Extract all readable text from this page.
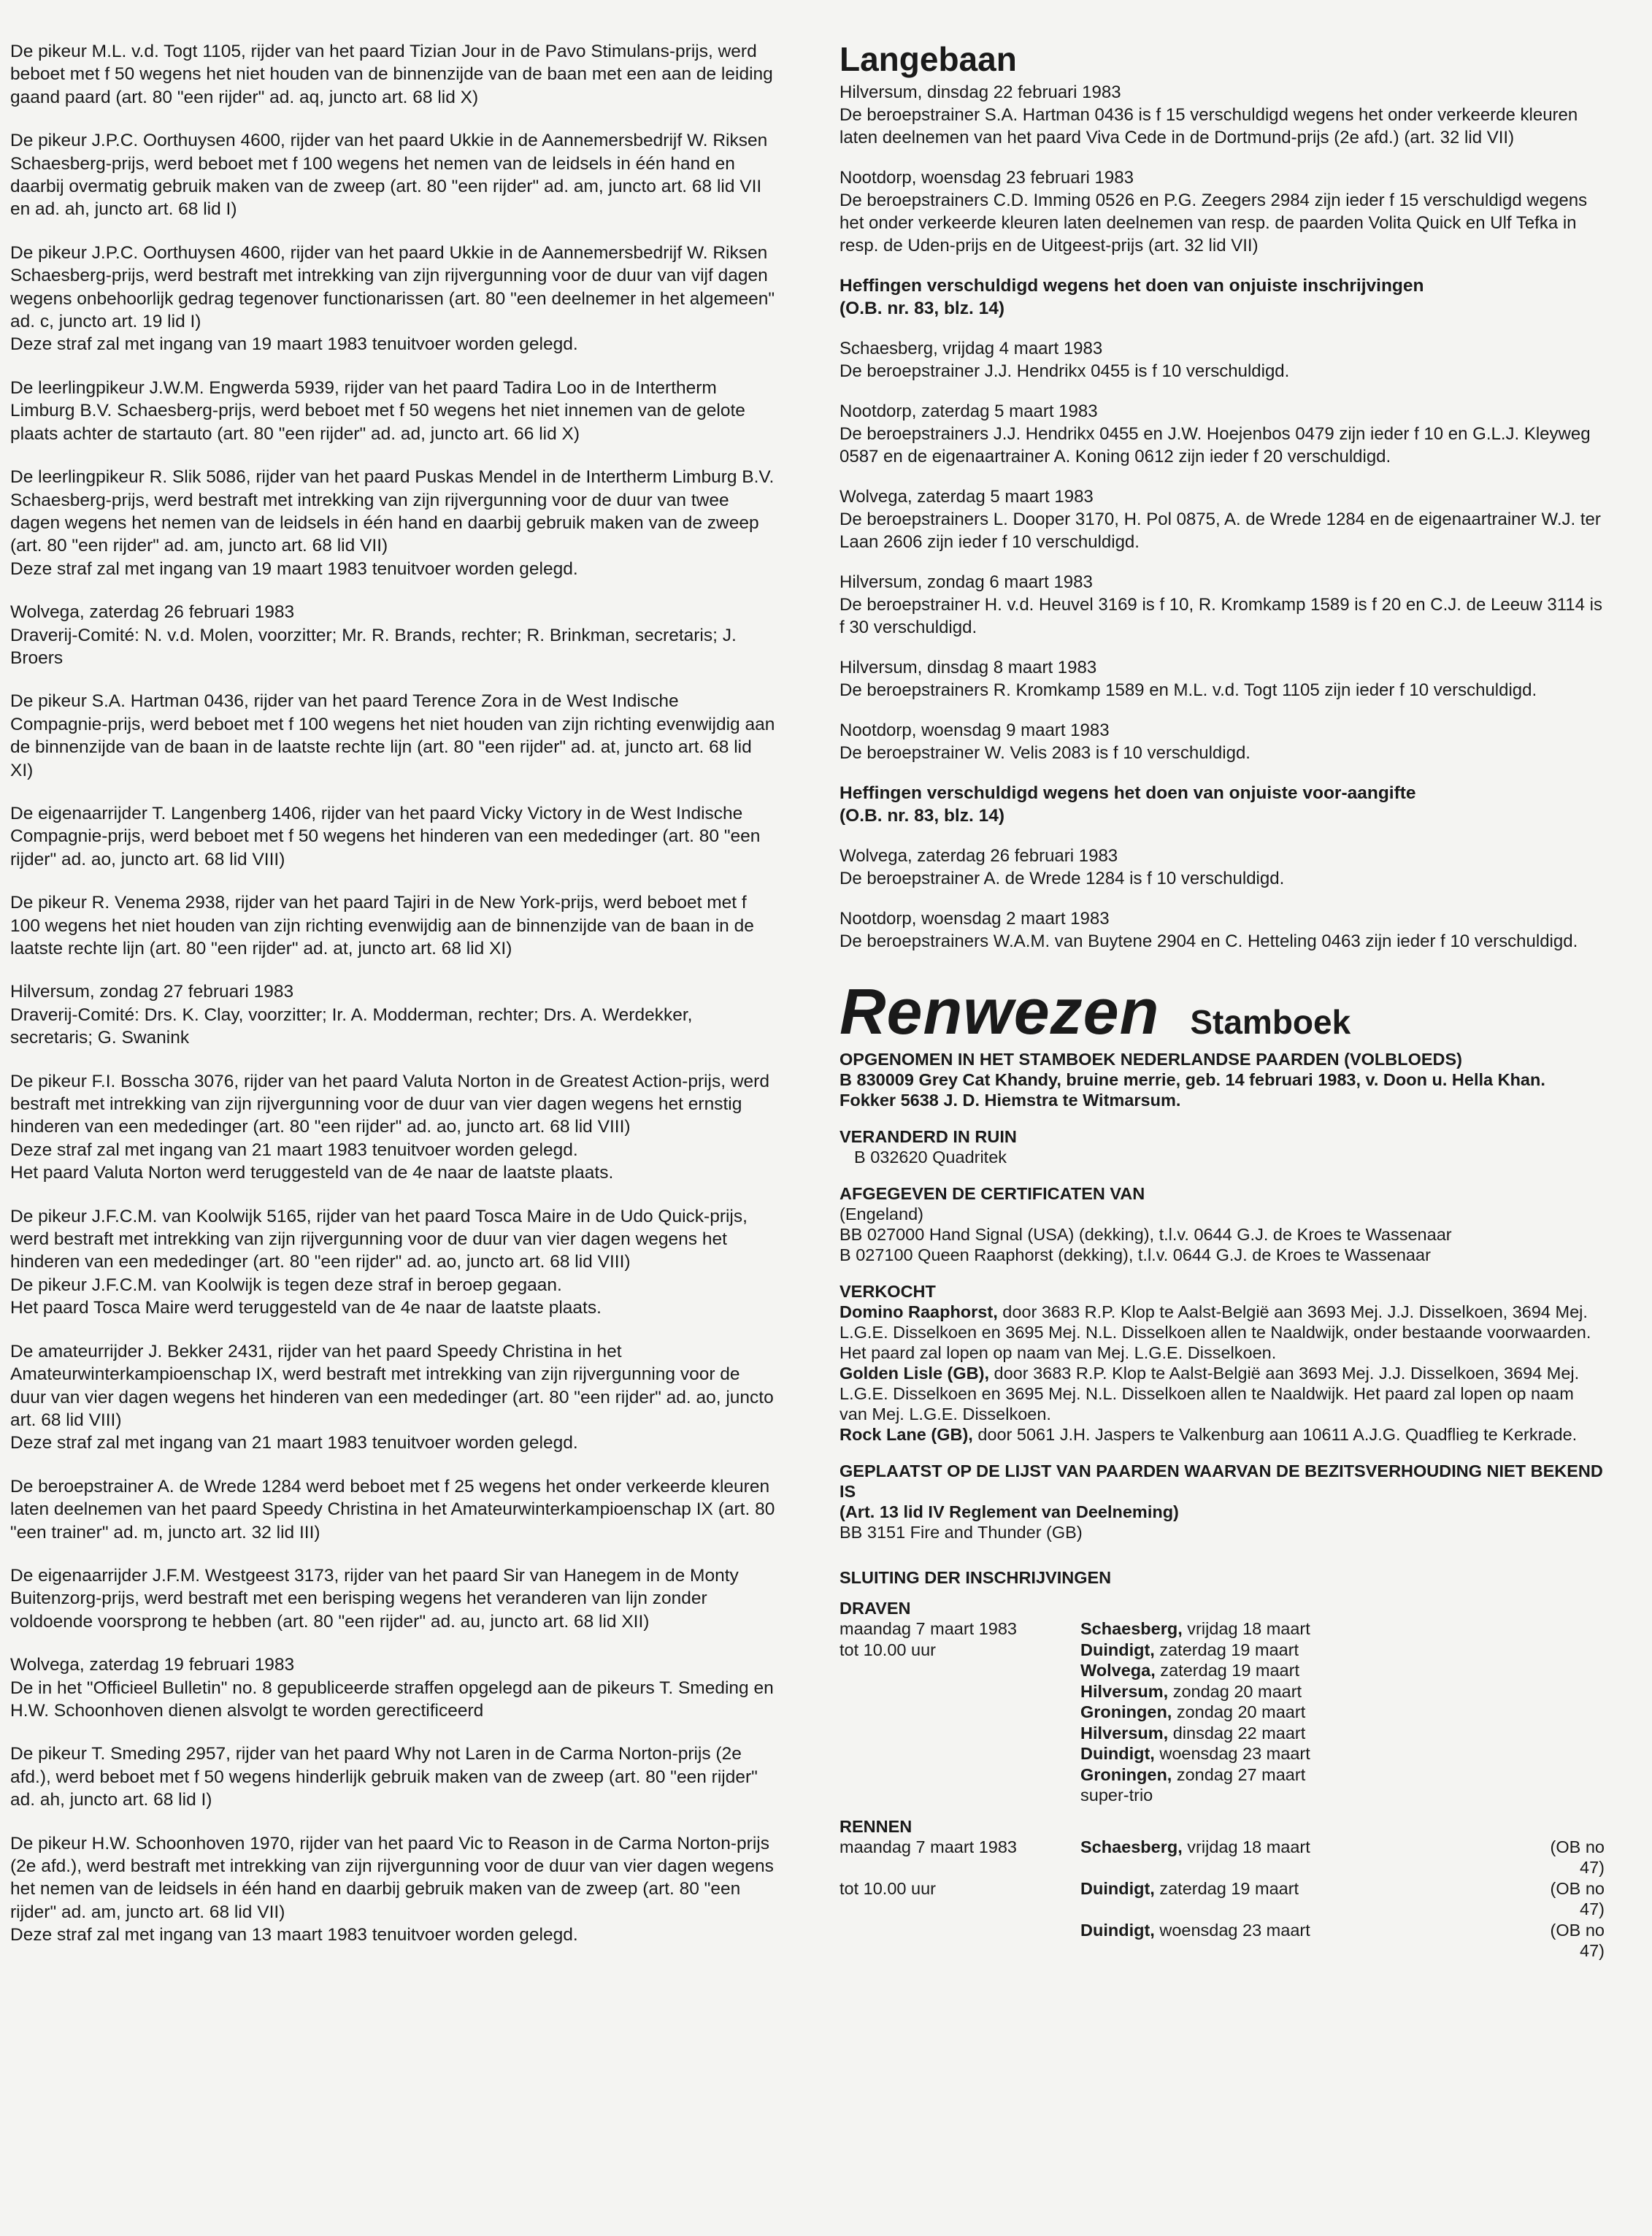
De pikeur M.L. v.d. Togt 1105, rijder van het paard Tizian Jour in de Pavo Stimulans-prijs, werd beboet met f 50 wegens het niet houden van de binnenzijde van de baan met een aan de leiding gaand paard (art. 80 "een rijder" ad. aq, juncto art. 68 lid X)
De pikeur J.P.C. Oorthuysen 4600, rijder van het paard Ukkie in de Aannemersbedrijf W. Riksen Schaesberg-prijs, werd beboet met f 100 wegens het nemen van de leidsels in één hand en daarbij overmatig gebruik maken van de zweep (art. 80 "een rijder" ad. am, juncto art. 68 lid VII en ad. ah, juncto art. 68 lid I)
De pikeur J.P.C. Oorthuysen 4600, rijder van het paard Ukkie in de Aannemersbedrijf W. Riksen Schaesberg-prijs, werd bestraft met intrekking van zijn rijvergunning voor de duur van vijf dagen wegens onbehoorlijk gedrag tegenover functionarissen (art. 80 "een deelnemer in het algemeen" ad. c, juncto art. 19 lid I)
Deze straf zal met ingang van 19 maart 1983 tenuitvoer worden gelegd.
De leerlingpikeur J.W.M. Engwerda 5939, rijder van het paard Tadira Loo in de Intertherm Limburg B.V. Schaesberg-prijs, werd beboet met f 50 wegens het niet innemen van de gelote plaats achter de startauto (art. 80 "een rijder" ad. ad, juncto art. 66 lid X)
De leerlingpikeur R. Slik 5086, rijder van het paard Puskas Mendel in de Intertherm Limburg B.V. Schaesberg-prijs, werd bestraft met intrekking van zijn rijvergunning voor de duur van twee dagen wegens het nemen van de leidsels in één hand en daarbij gebruik maken van de zweep (art. 80 "een rijder" ad. am, juncto art. 68 lid VII)
Deze straf zal met ingang van 19 maart 1983 tenuitvoer worden gelegd.
Wolvega, zaterdag 26 februari 1983
Draverij-Comité: N. v.d. Molen, voorzitter; Mr. R. Brands, rechter; R. Brinkman, secretaris; J. Broers
De pikeur S.A. Hartman 0436, rijder van het paard Terence Zora in de West Indische Compagnie-prijs, werd beboet met f 100 wegens het niet houden van zijn richting evenwijdig aan de binnenzijde van de baan in de laatste rechte lijn (art. 80 "een rijder" ad. at, juncto art. 68 lid XI)
De eigenaarrijder T. Langenberg 1406, rijder van het paard Vicky Victory in de West Indische Compagnie-prijs, werd beboet met f 50 wegens het hinderen van een mededinger (art. 80 "een rijder" ad. ao, juncto art. 68 lid VIII)
De pikeur R. Venema 2938, rijder van het paard Tajiri in de New York-prijs, werd beboet met f 100 wegens het niet houden van zijn richting evenwijdig aan de binnenzijde van de baan in de laatste rechte lijn (art. 80 "een rijder" ad. at, juncto art. 68 lid XI)
Hilversum, zondag 27 februari 1983
Draverij-Comité: Drs. K. Clay, voorzitter; Ir. A. Modderman, rechter; Drs. A. Werdekker, secretaris; G. Swanink
De pikeur F.I. Bosscha 3076, rijder van het paard Valuta Norton in de Greatest Action-prijs, werd bestraft met intrekking van zijn rijvergunning voor de duur van vier dagen wegens het ernstig hinderen van een mededinger (art. 80 "een rijder" ad. ao, juncto art. 68 lid VIII)
Deze straf zal met ingang van 21 maart 1983 tenuitvoer worden gelegd.
Het paard Valuta Norton werd teruggesteld van de 4e naar de laatste plaats.
De pikeur J.F.C.M. van Koolwijk 5165, rijder van het paard Tosca Maire in de Udo Quick-prijs, werd bestraft met intrekking van zijn rijvergunning voor de duur van vier dagen wegens het hinderen van een mededinger (art. 80 "een rijder" ad. ao, juncto art. 68 lid VIII)
De pikeur J.F.C.M. van Koolwijk is tegen deze straf in beroep gegaan.
Het paard Tosca Maire werd teruggesteld van de 4e naar de laatste plaats.
De amateurrijder J. Bekker 2431, rijder van het paard Speedy Christina in het Amateurwinterkampioenschap IX, werd bestraft met intrekking van zijn rijvergunning voor de duur van vier dagen wegens het hinderen van een mededinger (art. 80 "een rijder" ad. ao, juncto art. 68 lid VIII)
Deze straf zal met ingang van 21 maart 1983 tenuitvoer worden gelegd.
De beroepstrainer A. de Wrede 1284 werd beboet met f 25 wegens het onder verkeerde kleuren laten deelnemen van het paard Speedy Christina in het Amateurwinterkampioenschap IX (art. 80 "een trainer" ad. m, juncto art. 32 lid III)
De eigenaarrijder J.F.M. Westgeest 3173, rijder van het paard Sir van Hanegem in de Monty Buitenzorg-prijs, werd bestraft met een berisping wegens het veranderen van lijn zonder voldoende voorsprong te hebben (art. 80 "een rijder" ad. au, juncto art. 68 lid XII)
Wolvega, zaterdag 19 februari 1983
De in het "Officieel Bulletin" no. 8 gepubliceerde straffen opgelegd aan de pikeurs T. Smeding en H.W. Schoonhoven dienen alsvolgt te worden gerectificeerd
De pikeur T. Smeding 2957, rijder van het paard Why not Laren in de Carma Norton-prijs (2e afd.), werd beboet met f 50 wegens hinderlijk gebruik maken van de zweep (art. 80 "een rijder" ad. ah, juncto art. 68 lid I)
De pikeur H.W. Schoonhoven 1970, rijder van het paard Vic to Reason in de Carma Norton-prijs (2e afd.), werd bestraft met intrekking van zijn rijvergunning voor de duur van vier dagen wegens het nemen van de leidsels in één hand en daarbij gebruik maken van de zweep (art. 80 "een rijder" ad. am, juncto art. 68 lid VII)
Deze straf zal met ingang van 13 maart 1983 tenuitvoer worden gelegd.
Langebaan
Hilversum, dinsdag 22 februari 1983
De beroepstrainer S.A. Hartman 0436 is f 15 verschuldigd wegens het onder verkeerde kleuren laten deelnemen van het paard Viva Cede in de Dortmund-prijs (2e afd.) (art. 32 lid VII)
Nootdorp, woensdag 23 februari 1983
De beroepstrainers C.D. Imming 0526 en P.G. Zeegers 2984 zijn ieder f 15 verschuldigd wegens het onder verkeerde kleuren laten deelnemen van resp. de paarden Volita Quick en Ulf Tefka in resp. de Uden-prijs en de Uitgeest-prijs (art. 32 lid VII)
Heffingen verschuldigd wegens het doen van onjuiste inschrijvingen
(O.B. nr. 83, blz. 14)
Schaesberg, vrijdag 4 maart 1983
De beroepstrainer J.J. Hendrikx 0455 is f 10 verschuldigd.
Nootdorp, zaterdag 5 maart 1983
De beroepstrainers J.J. Hendrikx 0455 en J.W. Hoejenbos 0479 zijn ieder f 10 en G.L.J. Kleyweg 0587 en de eigenaartrainer A. Koning 0612 zijn ieder f 20 verschuldigd.
Wolvega, zaterdag 5 maart 1983
De beroepstrainers L. Dooper 3170, H. Pol 0875, A. de Wrede 1284 en de eigenaartrainer W.J. ter Laan 2606 zijn ieder f 10 verschuldigd.
Hilversum, zondag 6 maart 1983
De beroepstrainer H. v.d. Heuvel 3169 is f 10, R. Kromkamp 1589 is f 20 en C.J. de Leeuw 3114 is f 30 verschuldigd.
Hilversum, dinsdag 8 maart 1983
De beroepstrainers R. Kromkamp 1589 en M.L. v.d. Togt 1105 zijn ieder f 10 verschuldigd.
Nootdorp, woensdag 9 maart 1983
De beroepstrainer W. Velis 2083 is f 10 verschuldigd.
Heffingen verschuldigd wegens het doen van onjuiste voor-aangifte
(O.B. nr. 83, blz. 14)
Wolvega, zaterdag 26 februari 1983
De beroepstrainer A. de Wrede 1284 is f 10 verschuldigd.
Nootdorp, woensdag 2 maart 1983
De beroepstrainers W.A.M. van Buytene 2904 en C. Hetteling 0463 zijn ieder f 10 verschuldigd.
Renwezen Stamboek
OPGENOMEN IN HET STAMBOEK NEDERLANDSE PAARDEN (VOLBLOEDS)
B 830009 Grey Cat Khandy, bruine merrie, geb. 14 februari 1983, v. Doon u. Hella Khan. Fokker 5638 J. D. Hiemstra te Witmarsum.
VERANDERD IN RUIN
B 032620 Quadritek
AFGEGEVEN DE CERTIFICATEN VAN
(Engeland)
BB 027000 Hand Signal (USA) (dekking), t.l.v. 0644 G.J. de Kroes te Wassenaar
B 027100 Queen Raaphorst (dekking), t.l.v. 0644 G.J. de Kroes te Wassenaar
VERKOCHT
Domino Raaphorst, door 3683 R.P. Klop te Aalst-België aan 3693 Mej. J.J. Disselkoen, 3694 Mej. L.G.E. Disselkoen en 3695 Mej. N.L. Disselkoen allen te Naaldwijk, onder bestaande voorwaarden. Het paard zal lopen op naam van Mej. L.G.E. Disselkoen.
Golden Lisle (GB), door 3683 R.P. Klop te Aalst-België aan 3693 Mej. J.J. Disselkoen, 3694 Mej. L.G.E. Disselkoen en 3695 Mej. N.L. Disselkoen allen te Naaldwijk. Het paard zal lopen op naam van Mej. L.G.E. Disselkoen.
Rock Lane (GB), door 5061 J.H. Jaspers te Valkenburg aan 10611 A.J.G. Quadflieg te Kerkrade.
GEPLAATST OP DE LIJST VAN PAARDEN WAARVAN DE BEZITSVERHOUDING NIET BEKEND IS
(Art. 13 lid IV Reglement van Deelneming)
BB 3151 Fire and Thunder (GB)
SLUITING DER INSCHRIJVINGEN
DRAVEN
maandag 7 maart 1983	Schaesberg, vrijdag 18 maart
tot 10.00 uur	Duindigt, zaterdag 19 maart
Wolvega, zaterdag 19 maart
Hilversum, zondag 20 maart
Groningen, zondag 20 maart
Hilversum, dinsdag 22 maart
Duindigt, woensdag 23 maart
Groningen, zondag 27 maart
super-trio
RENNEN
maandag 7 maart 1983	Schaesberg, vrijdag 18 maart	(OB no 47)
tot 10.00 uur	Duindigt, zaterdag 19 maart	(OB no 47)
Duindigt, woensdag 23 maart	(OB no 47)
